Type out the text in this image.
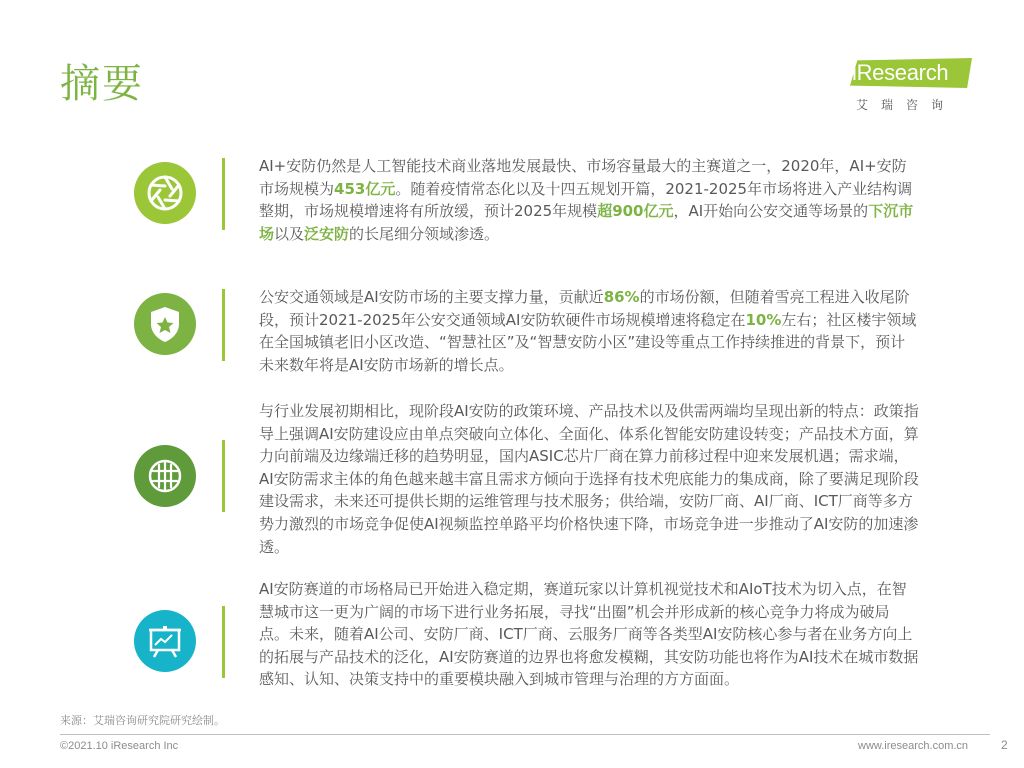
摘要	iResearch
艾瑞咨询

AI+安防仍然是人工智能技术商业落地发展最快、市场容量最大的主赛道之一，2020年，AI+安防市场规模为453亿元。随着疫情常态化以及十四五规划开篇，2021-2025年市场将进入产业结构调整期，市场规模增速将有所放缓，预计2025年规模超900亿元，AI开始向公安交通等场景的下沉市场以及泛安防的长尾细分领域渗透。

公安交通领域是AI安防市场的主要支撑力量，贡献近86%的市场份额，但随着雪亮工程进入收尾阶段，预计2021-2025年公安交通领域AI安防软硬件市场规模增速将稳定在10%左右；社区楼宇领域在全国城镇老旧小区改造、“智慧社区”及“智慧安防小区”建设等重点工作持续推进的背景下，预计未来数年将是AI安防市场新的增长点。

与行业发展初期相比，现阶段AI安防的政策环境、产品技术以及供需两端均呈现出新的特点：政策指导上强调AI安防建设应由单点突破向立体化、全面化、体系化智能安防建设转变；产品技术方面，算力向前端及边缘端迁移的趋势明显，国内ASIC芯片厂商在算力前移过程中迎来发展机遇；需求端，AI安防需求主体的角色越来越丰富且需求方倾向于选择有技术兜底能力的集成商，除了要满足现阶段建设需求，未来还可提供长期的运维管理与技术服务；供给端，安防厂商、AI厂商、ICT厂商等多方势力激烈的市场竞争促使AI视频监控单路平均价格快速下降，市场竞争进一步推动了AI安防的加速渗透。

AI安防赛道的市场格局已开始进入稳定期，赛道玩家以计算机视觉技术和AIoT技术为切入点，在智慧城市这一更为广阔的市场下进行业务拓展，寻找“出圈”机会并形成新的核心竞争力将成为破局点。未来，随着AI公司、安防厂商、ICT厂商、云服务厂商等各类型AI安防核心参与者在业务方向上的拓展与产品技术的泛化，AI安防赛道的边界也将愈发模糊，其安防功能也将作为AI技术在城市数据感知、认知、决策支持中的重要模块融入到城市管理与治理的方方面面。

来源：艾瑞咨询研究院研究绘制。
©2021.10 iResearch Inc	www.iresearch.com.cn	2
